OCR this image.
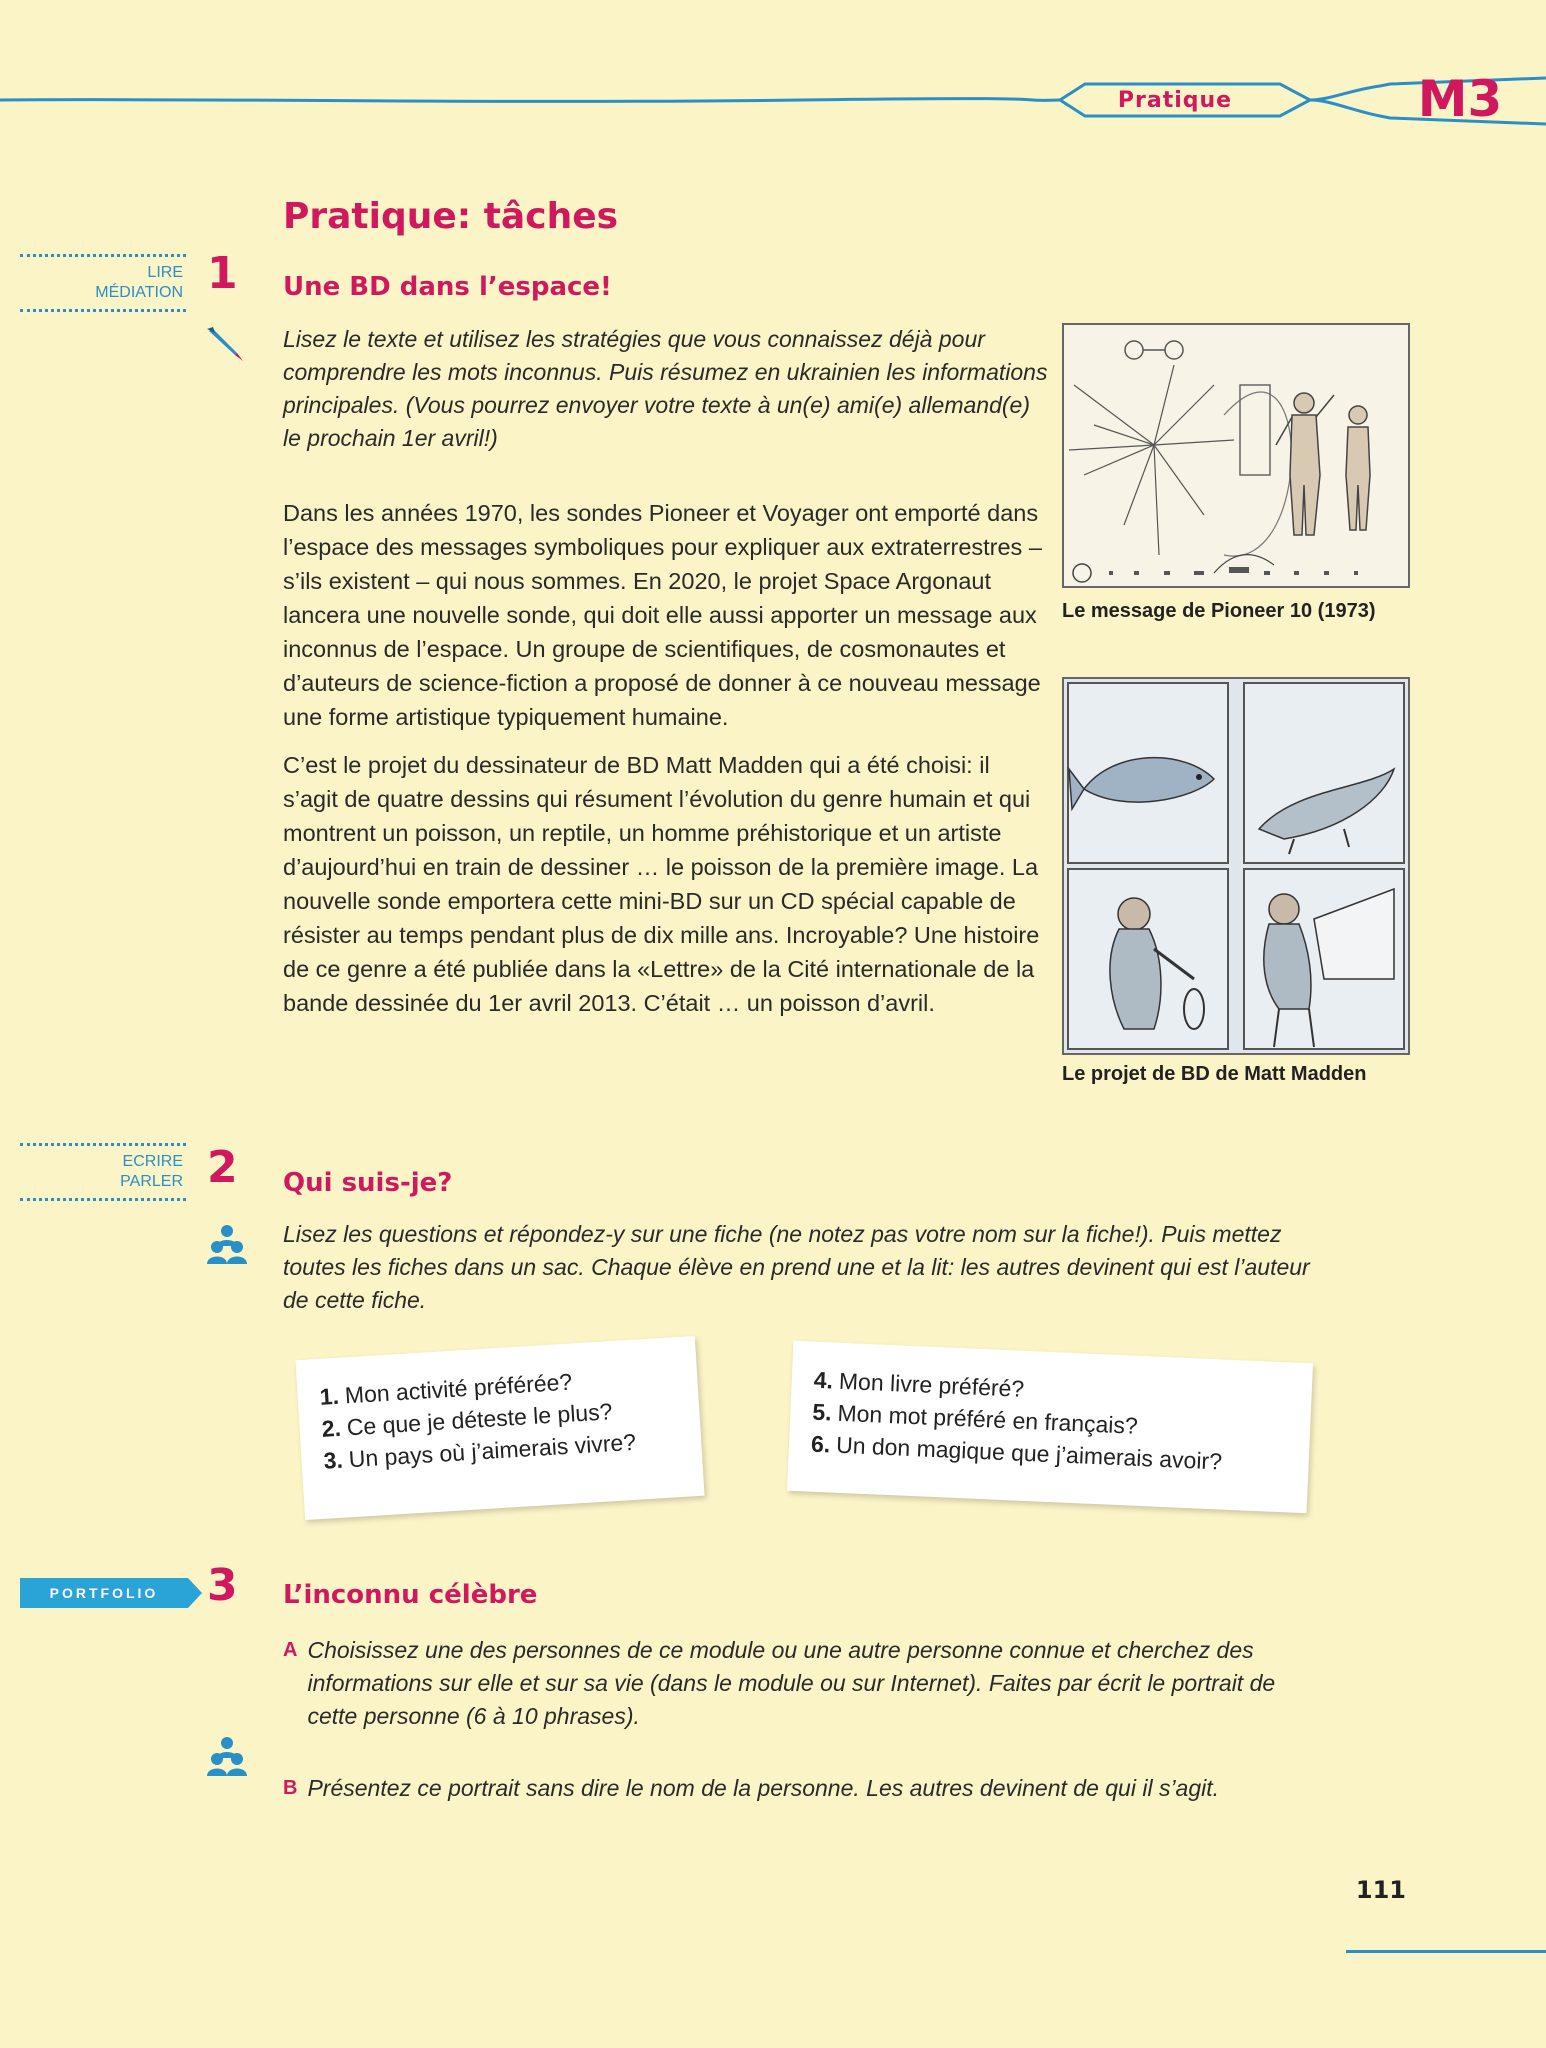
Pratique	M3
Pratique: tâches
LIRE
MÉDIATION 1 Une BD dans l’espace!
Lisez le texte et utilisez les stratégies que vous connaissez déjà pour comprendre les mots inconnus. Puis résumez en ukrainien les informations principales. (Vous pourrez envoyer votre texte à un(e) ami(e) allemand(e) le prochain 1er avril!)

Dans les années 1970, les sondes Pioneer et Voyager ont emporté dans l’espace des messages symboliques pour expliquer aux extraterrestres – s’ils existent – qui nous sommes. En 2020, le projet Space Argonaut lancera une nouvelle sonde, qui doit elle aussi apporter un message aux inconnus de l’espace. Un groupe de scientifiques, de cosmonautes et d’auteurs de science-fiction a proposé de donner à ce nouveau message une forme artistique typiquement humaine.

C’est le projet du dessinateur de BD Matt Madden qui a été choisi: il s’agit de quatre dessins qui résument l’évolution du genre humain et qui montrent un poisson, un reptile, un homme préhistorique et un artiste d’aujourd’hui en train de dessiner … le poisson de la première image. La nouvelle sonde emportera cette mini-BD sur un CD spécial capable de résister au temps pendant plus de dix mille ans. Incroyable? Une histoire de ce genre a été publiée dans la «Lettre» de la Cité internationale de la bande dessinée du 1er avril 2013. C’était … un poisson d’avril.

Le message de Pioneer 10 (1973)
Le projet de BD de Matt Madden
ECRIRE
PARLER 2 Qui suis-je?
Lisez les questions et répondez-y sur une fiche (ne notez pas votre nom sur la fiche!). Puis mettez toutes les fiches dans un sac. Chaque élève en prend une et la lit: les autres devinent qui est l’auteur de cette fiche.
1. Mon activité préférée?
2. Ce que je déteste le plus?
3. Un pays où j’aimerais vivre?
4. Mon livre préféré?
5. Mon mot préféré en français?
6. Un don magique que j’aimerais avoir?
PORTFOLIO	3 L’inconnu célèbre
A Choisissez une des personnes de ce module ou une autre personne connue et cherchez des informations sur elle et sur sa vie (dans le module ou sur Internet). Faites par écrit le portrait de cette personne (6 à 10 phrases).
B Présentez ce portrait sans dire le nom de la personne. Les autres devinent de qui il s’agit.
111
